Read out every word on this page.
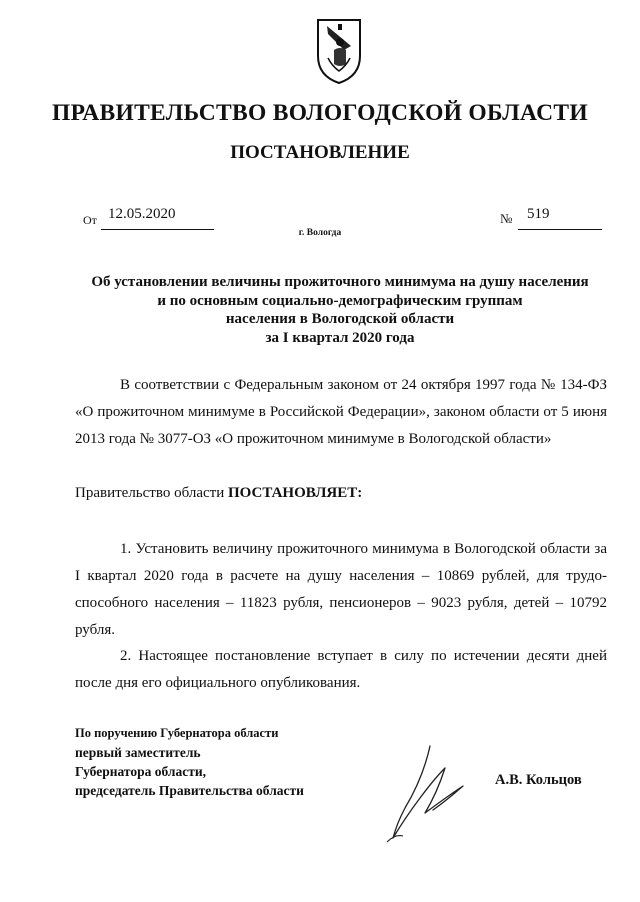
ПРАВИТЕЛЬСТВО ВОЛОГОДСКОЙ ОБЛАСТИ
ПОСТАНОВЛЕНИЕ
От 12.05.2020
г. Вологда
№ 519
Об установлении величины прожиточного минимума на душу населения
и по основным социально-демографическим группам
населения в Вологодской области
за I квартал 2020 года
В соответствии с Федеральным законом от 24 октября 1997 года № 134-ФЗ «О прожиточном минимуме в Российской Федерации», законом области от 5 июня 2013 года № 3077-ОЗ «О прожиточном минимуме в Вологодской области»
Правительство области ПОСТАНОВЛЯЕТ:
1. Установить величину прожиточного минимума в Вологодской области за I квартал 2020 года в расчете на душу населения – 10869 рублей, для трудо-способного населения – 11823 рубля, пенсионеров – 9023 рубля, детей – 10792 рубля.
2. Настоящее постановление вступает в силу по истечении десяти дней после дня его официального опубликования.
По поручению Губернатора области
первый заместитель
Губернатора области,
председатель Правительства области
А.В. Кольцов
